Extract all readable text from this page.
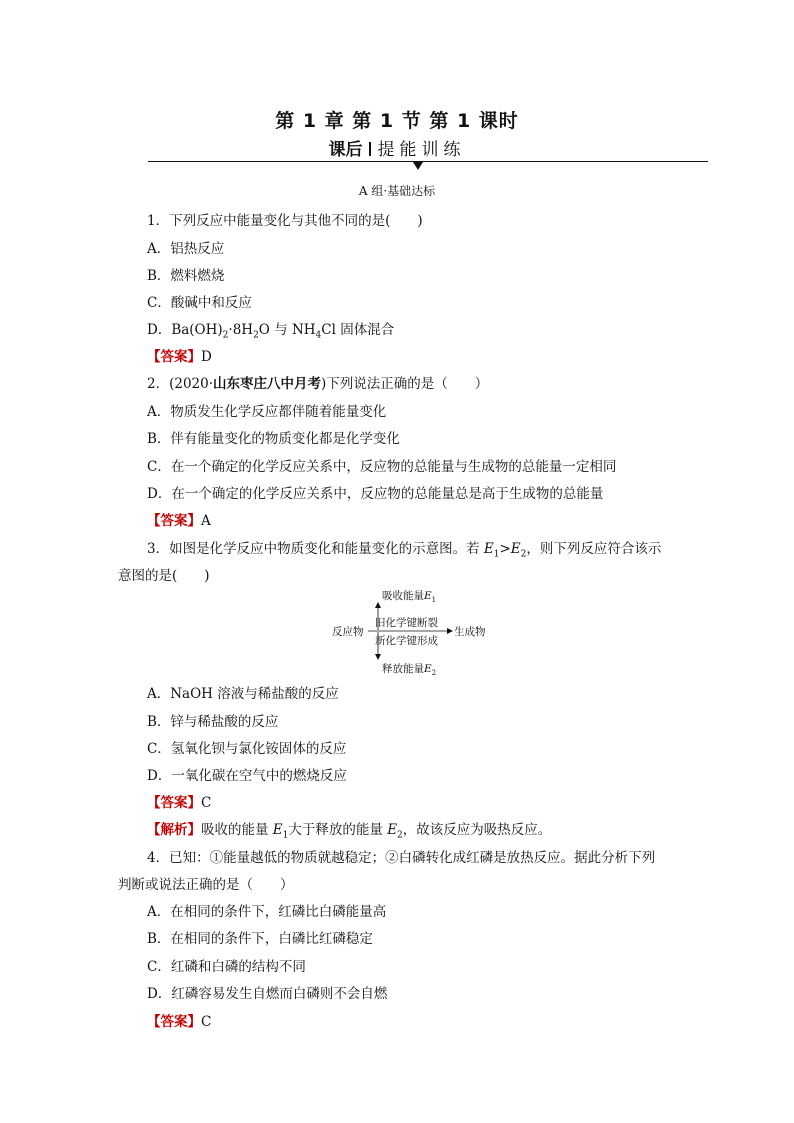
第 1 章 第 1 节 第 1 课时
课后 提能训练
A 组·基础达标
1．下列反应中能量变化与其他不同的是(　　)
A．铝热反应
B．燃料燃烧
C．酸碱中和反应
D．$Ba(OH)_2\cdot 8H_2O$ 与 $NH_4Cl$ 固体混合
【答案】D
2．(2020·山东枣庄八中月考)下列说法正确的是（　　）
A．物质发生化学反应都伴随着能量变化
B．伴有能量变化的物质变化都是化学变化
C．在一个确定的化学反应关系中，反应物的总能量与生成物的总能量一定相同
D．在一个确定的化学反应关系中，反应物的总能量总是高于生成物的总能量
【答案】A
3．如图是化学反应中物质变化和能量变化的示意图。若 $E_1>E_2$，则下列反应符合该示
意图的是(　　)
吸收能量$E_1$
反应物
旧化学键断裂
新化学键形成
生成物
释放能量$E_2$
A．NaOH 溶液与稀盐酸的反应
B．锌与稀盐酸的反应
C．氢氧化钡与氯化铵固体的反应
D．一氧化碳在空气中的燃烧反应
【答案】C
【解析】吸收的能量 $E_1$大于释放的能量 $E_2$，故该反应为吸热反应。
4．已知：①能量越低的物质就越稳定；②白磷转化成红磷是放热反应。据此分析下列
判断或说法正确的是（　　）
A．在相同的条件下，红磷比白磷能量高
B．在相同的条件下，白磷比红磷稳定
C．红磷和白磷的结构不同
D．红磷容易发生自燃而白磷则不会自燃
【答案】C
